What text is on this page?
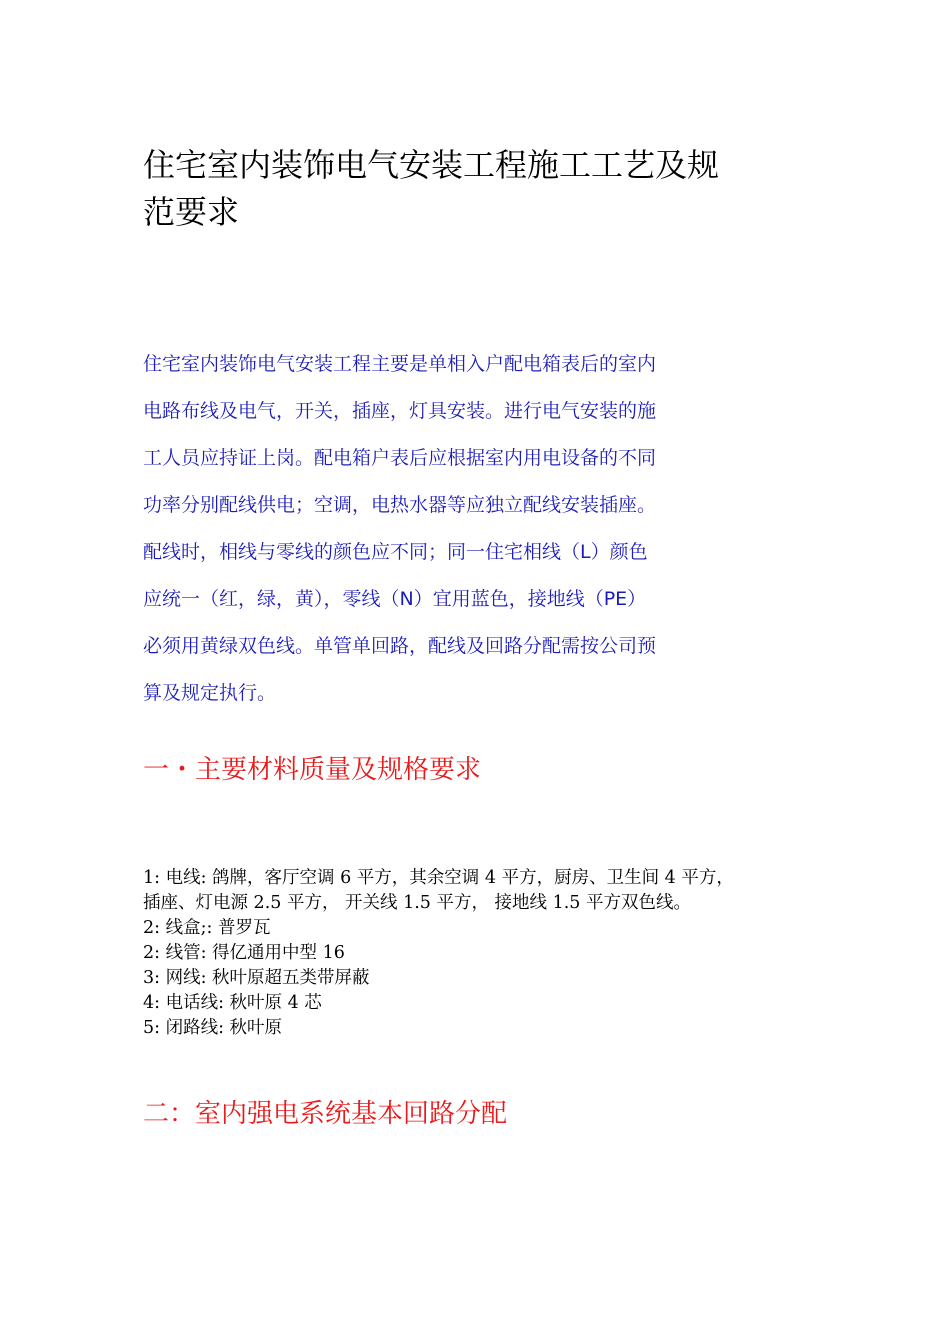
住宅室内装饰电气安装工程施工工艺及规
范要求
住宅室内装饰电气安装工程主要是单相入户配电箱表后的室内
电路布线及电气，开关，插座，灯具安装。进行电气安装的施
工人员应持证上岗。配电箱户表后应根据室内用电设备的不同
功率分别配线供电；空调，电热水器等应独立配线安装插座。
配线时，相线与零线的颜色应不同；同一住宅相线（L）颜色
应统一（红，绿，黄），零线（N）宜用蓝色，接地线（PE）
必须用黄绿双色线。单管单回路，配线及回路分配需按公司预
算及规定执行。
一・主要材料质量及规格要求
1: 电线: 鸽牌，客厅空调 6 平方，其余空调 4 平方，厨房、卫生间 4 平方，
插座、灯电源 2.5 平方， 开关线 1.5 平方， 接地线 1.5 平方双色线。
2: 线盒;: 普罗瓦
2: 线管: 得亿通用中型 16
3: 网线: 秋叶原超五类带屏蔽
4: 电话线: 秋叶原 4 芯
5: 闭路线: 秋叶原
二：室内强电系统基本回路分配
